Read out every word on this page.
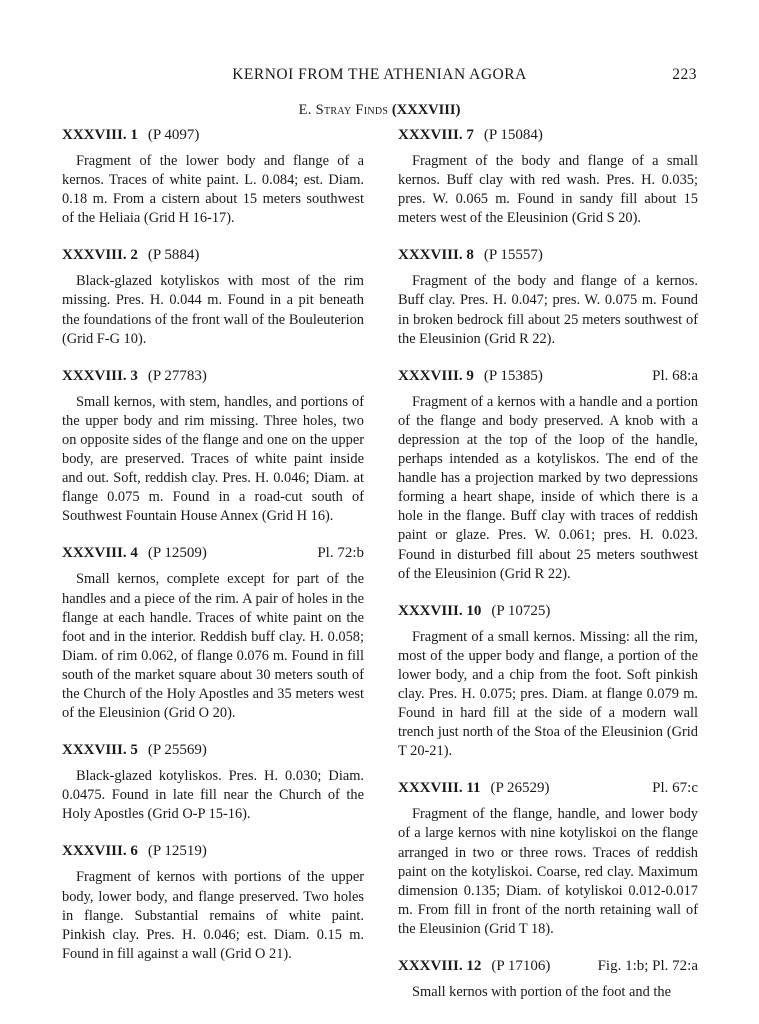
KERNOI FROM THE ATHENIAN AGORA	223
E. Stray Finds (XXXVIII)
XXXVIII. 1 (P 4097)

Fragment of the lower body and flange of a kernos. Traces of white paint. L. 0.084; est. Diam. 0.18 m. From a cistern about 15 meters southwest of the Heliaia (Grid H 16-17).

XXXVIII. 2 (P 5884)

Black-glazed kotyliskos with most of the rim missing. Pres. H. 0.044 m. Found in a pit beneath the foundations of the front wall of the Bouleuterion (Grid F-G 10).

XXXVIII. 3 (P 27783)

Small kernos, with stem, handles, and portions of the upper body and rim missing. Three holes, two on opposite sides of the flange and one on the upper body, are preserved. Traces of white paint inside and out. Soft, reddish clay. Pres. H. 0.046; Diam. at flange 0.075 m. Found in a road-cut south of Southwest Fountain House Annex (Grid H 16).

XXXVIII. 4 (P 12509)	Pl. 72:b

Small kernos, complete except for part of the handles and a piece of the rim. A pair of holes in the flange at each handle. Traces of white paint on the foot and in the interior. Reddish buff clay. H. 0.058; Diam. of rim 0.062, of flange 0.076 m. Found in fill south of the market square about 30 meters south of the Church of the Holy Apostles and 35 meters west of the Eleusinion (Grid O 20).

XXXVIII. 5 (P 25569)

Black-glazed kotyliskos. Pres. H. 0.030; Diam. 0.0475. Found in late fill near the Church of the Holy Apostles (Grid O-P 15-16).

XXXVIII. 6 (P 12519)

Fragment of kernos with portions of the upper body, lower body, and flange preserved. Two holes in flange. Substantial remains of white paint. Pinkish clay. Pres. H. 0.046; est. Diam. 0.15 m. Found in fill against a wall (Grid O 21).

XXXVIII. 7 (P 15084)

Fragment of the body and flange of a small kernos. Buff clay with red wash. Pres. H. 0.035; pres. W. 0.065 m. Found in sandy fill about 15 meters west of the Eleusinion (Grid S 20).

XXXVIII. 8 (P 15557)

Fragment of the body and flange of a kernos. Buff clay. Pres. H. 0.047; pres. W. 0.075 m. Found in broken bedrock fill about 25 meters southwest of the Eleusinion (Grid R 22).

XXXVIII. 9 (P 15385)	Pl. 68:a

Fragment of a kernos with a handle and a portion of the flange and body preserved. A knob with a depression at the top of the loop of the handle, perhaps intended as a kotyliskos. The end of the handle has a projection marked by two depressions forming a heart shape, inside of which there is a hole in the flange. Buff clay with traces of reddish paint or glaze. Pres. W. 0.061; pres. H. 0.023. Found in disturbed fill about 25 meters southwest of the Eleusinion (Grid R 22).

XXXVIII. 10 (P 10725)

Fragment of a small kernos. Missing: all the rim, most of the upper body and flange, a portion of the lower body, and a chip from the foot. Soft pinkish clay. Pres. H. 0.075; pres. Diam. at flange 0.079 m. Found in hard fill at the side of a modern wall trench just north of the Stoa of the Eleusinion (Grid T 20-21).

XXXVIII. 11 (P 26529)	Pl. 67:c

Fragment of the flange, handle, and lower body of a large kernos with nine kotyliskoi on the flange arranged in two or three rows. Traces of reddish paint on the kotyliskoi. Coarse, red clay. Maximum dimension 0.135; Diam. of kotyliskoi 0.012-0.017 m. From fill in front of the north retaining wall of the Eleusinion (Grid T 18).

XXXVIII. 12 (P 17106)	Fig. 1:b; Pl. 72:a

Small kernos with portion of the foot and the
